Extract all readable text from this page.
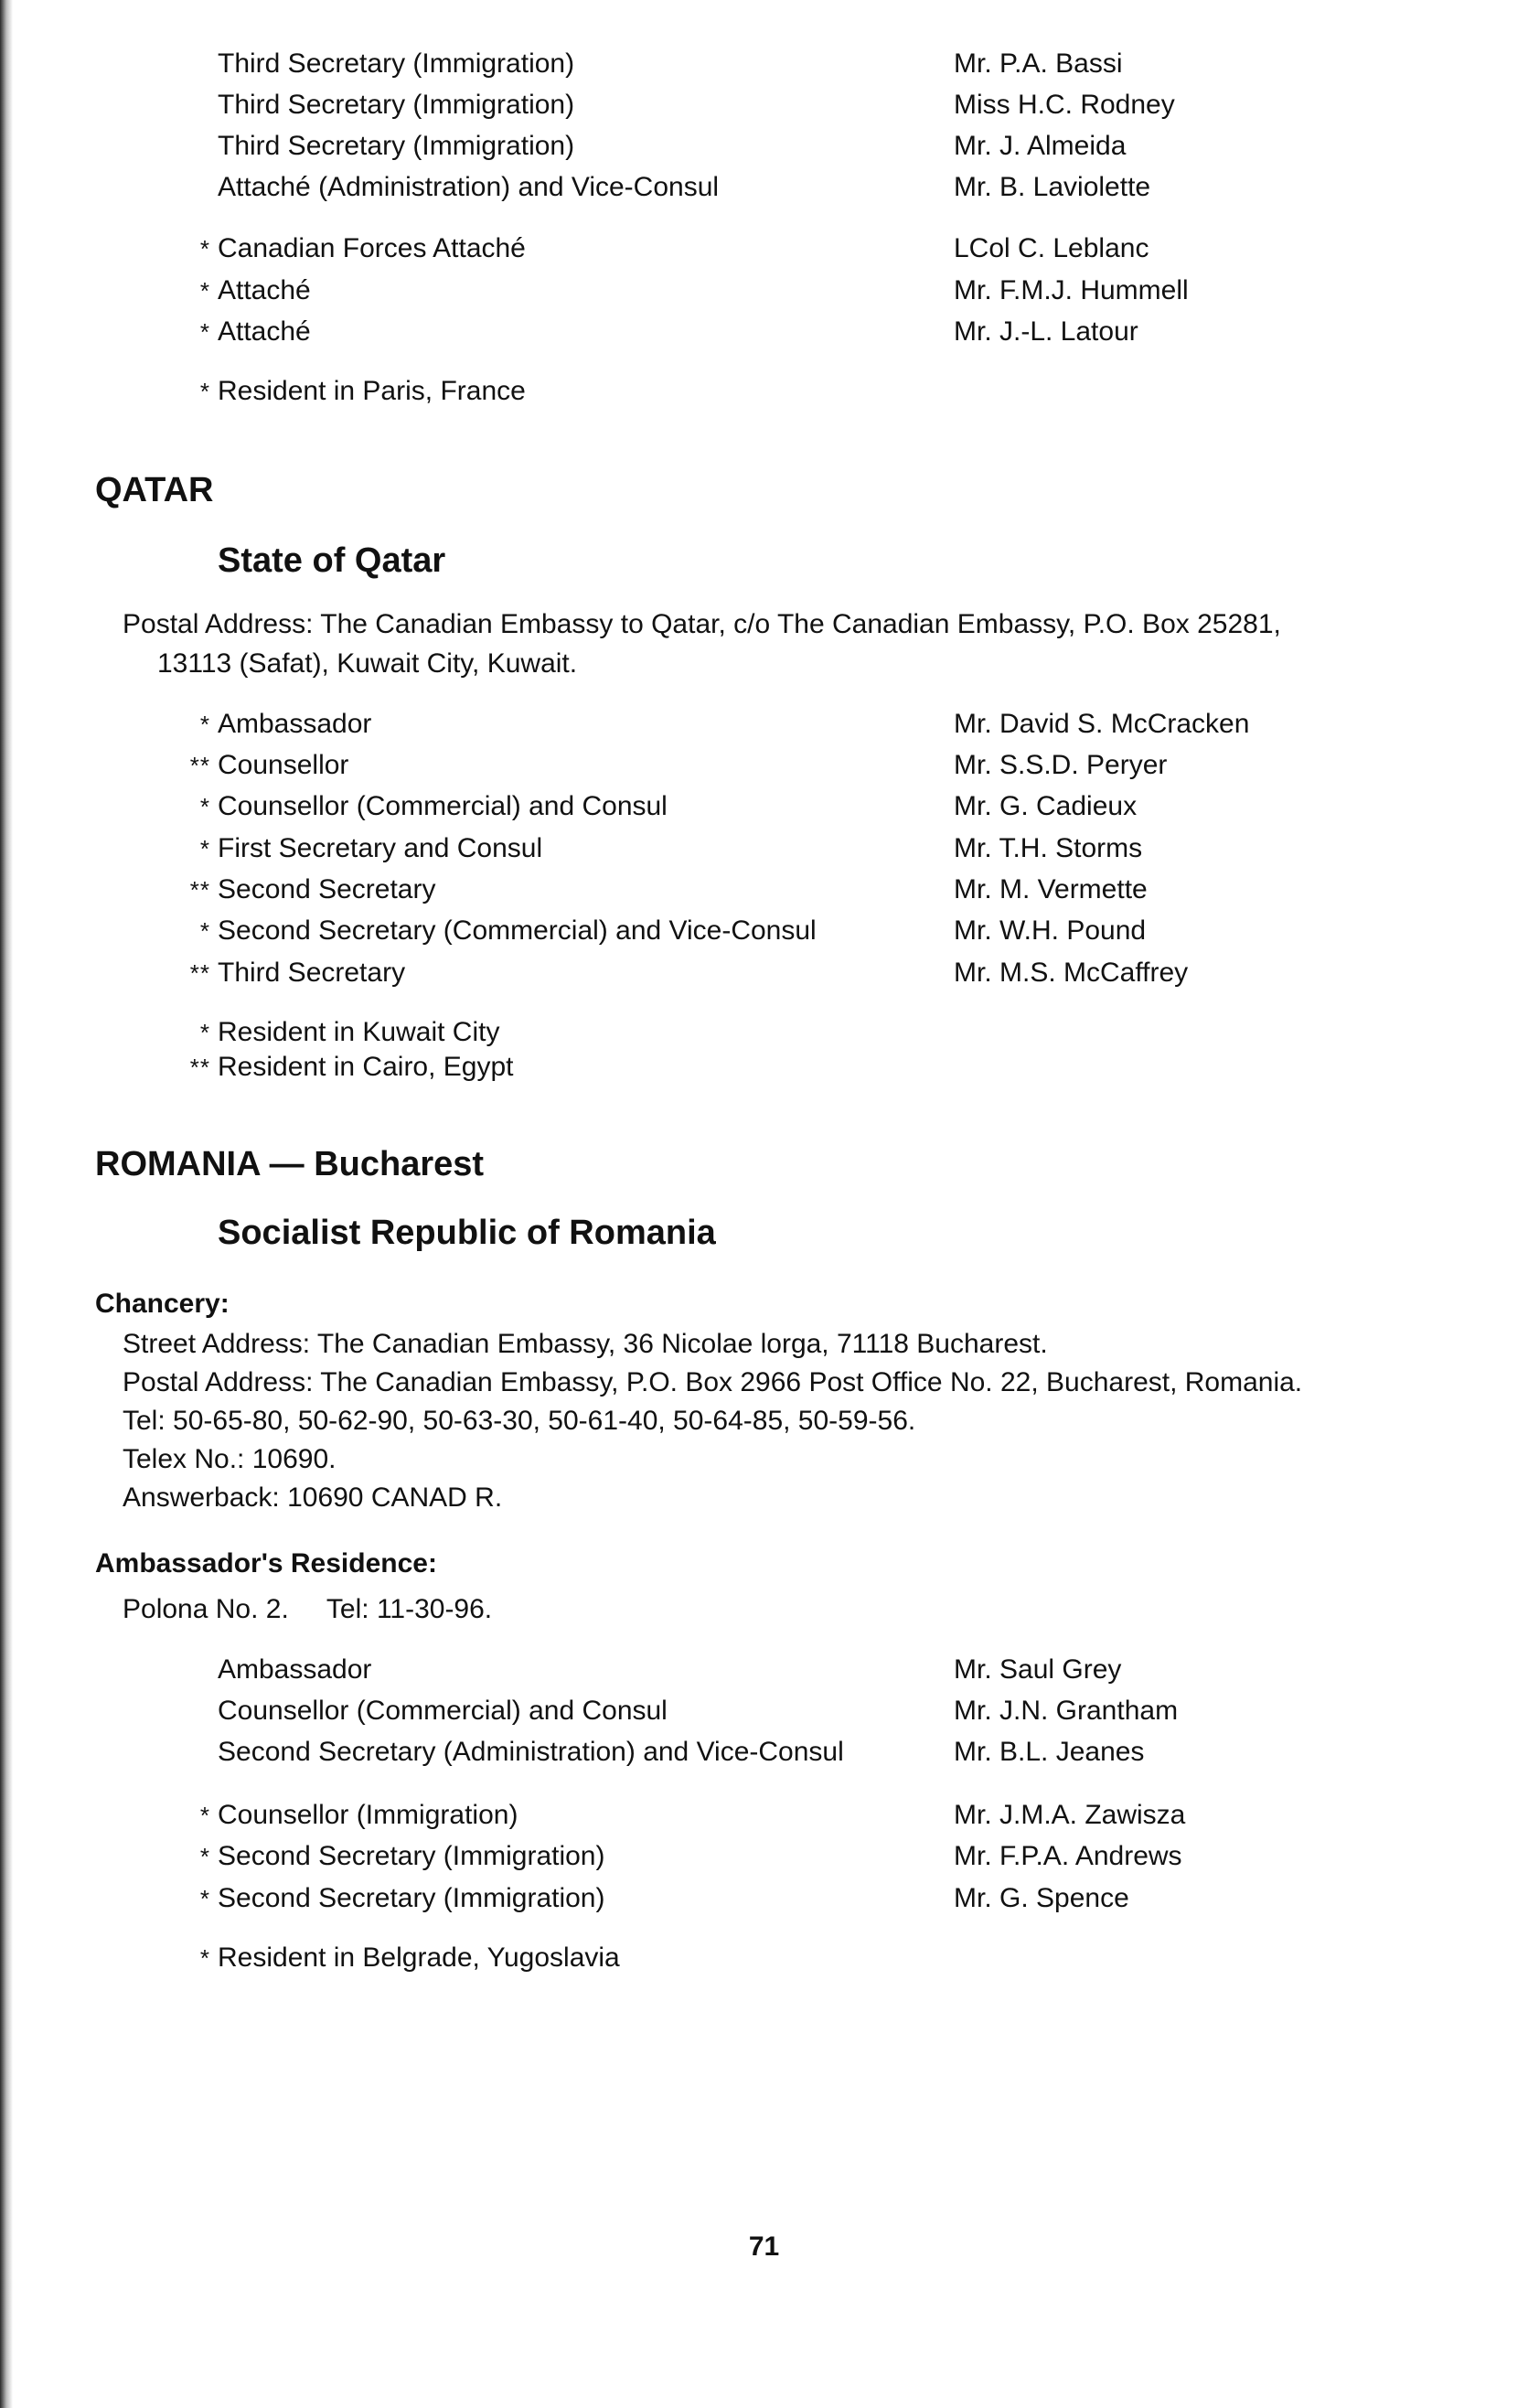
Third Secretary (Immigration)	Mr. P.A. Bassi
Third Secretary (Immigration)	Miss H.C. Rodney
Third Secretary (Immigration)	Mr. J. Almeida
Attaché (Administration) and Vice-Consul	Mr. B. Laviolette
* Canadian Forces Attaché	LCol C. Leblanc
* Attaché	Mr. F.M.J. Hummell
* Attaché	Mr. J.-L. Latour
* Resident in Paris, France
QATAR
State of Qatar
Postal Address: The Canadian Embassy to Qatar, c/o The Canadian Embassy, P.O. Box 25281,
13113 (Safat), Kuwait City, Kuwait.
* Ambassador	Mr. David S. McCracken
** Counsellor	Mr. S.S.D. Peryer
* Counsellor (Commercial) and Consul	Mr. G. Cadieux
* First Secretary and Consul	Mr. T.H. Storms
** Second Secretary	Mr. M. Vermette
* Second Secretary (Commercial) and Vice-Consul	Mr. W.H. Pound
** Third Secretary	Mr. M.S. McCaffrey
* Resident in Kuwait City
** Resident in Cairo, Egypt
ROMANIA — Bucharest
Socialist Republic of Romania
Chancery:
Street Address: The Canadian Embassy, 36 Nicolae lorga, 71118 Bucharest.
Postal Address: The Canadian Embassy, P.O. Box 2966 Post Office No. 22, Bucharest, Romania.
Tel: 50-65-80, 50-62-90, 50-63-30, 50-61-40, 50-64-85, 50-59-56.
Telex No.: 10690.
Answerback: 10690 CANAD R.
Ambassador's Residence:
Polona No. 2.     Tel: 11-30-96.
Ambassador	Mr. Saul Grey
Counsellor (Commercial) and Consul	Mr. J.N. Grantham
Second Secretary (Administration) and Vice-Consul	Mr. B.L. Jeanes
* Counsellor (Immigration)	Mr. J.M.A. Zawisza
* Second Secretary (Immigration)	Mr. F.P.A. Andrews
* Second Secretary (Immigration)	Mr. G. Spence
* Resident in Belgrade, Yugoslavia
71
